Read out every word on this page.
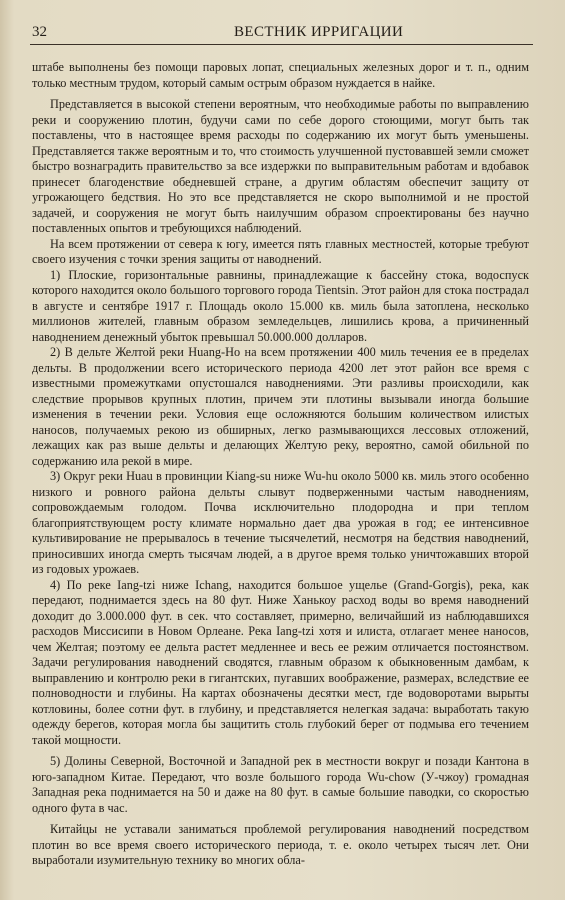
32	ВЕСТНИК ИРРИГАЦИИ

штабе выполнены без помощи паровых лопат, специальных железных дорог и т. п., одним только местным трудом, который самым острым образом нуждается в найке.

Представляется в высокой степени вероятным, что необходимые работы по выправлению реки и сооружению плотин, будучи сами по себе дорого стоющими, могут быть так поставлены, что в настоящее время расходы по содержанию их могут быть уменьшены. Представляется также вероятным и то, что стоимость улучшенной пустовавшей земли сможет быстро вознаградить правительство за все издержки по выправительным работам и вдобавок принесет благоденствие обедневшей стране, а другим областям обеспечит защиту от угрожающего бедствия. Но это все представляется не скоро выполнимой и не простой задачей, и сооружения не могут быть наилучшим образом спроектированы без научно поставленных опытов и требующихся наблюдений.

На всем протяжении от севера к югу, имеется пять главных местностей, которые требуют своего изучения с точки зрения защиты от наводнений.

1) Плоские, горизонтальные равнины, принадлежащие к бассейну стока, водоспуск которого находится около большого торгового города Tientsin. Этот район для стока пострадал в августе и сентябре 1917 г. Площадь около 15.000 кв. миль была затоплена, несколько миллионов жителей, главным образом земледельцев, лишились крова, а причиненный наводнением денежный убыток превышал 50.000.000 долларов.

2) В дельте Желтой реки Huang-Ho на всем протяжении 400 миль течения ее в пределах дельты. В продолжении всего исторического периода 4200 лет этот район все время с известными промежутками опустошался наводнениями. Эти разливы происходили, как следствие прорывов крупных плотин, причем эти плотины вызывали иногда большие изменения в течении реки. Условия еще осложняются большим количеством илистых наносов, получаемых рекою из обширных, легко размывающихся лессовых отложений, лежащих как раз выше дельты и делающих Желтую реку, вероятно, самой обильной по содержанию ила рекой в мире.

3) Округ реки Huau в провинции Kiang-su ниже Wu-hu около 5000 кв. миль этого особенно низкого и ровного района дельты слывут подверженными частым наводнениям, сопровождаемым голодом. Почва исключительно плодородна и при теплом благоприятствующем росту климате нормально дает два урожая в год; ее интенсивное культивирование не прерывалось в течение тысячелетий, несмотря на бедствия наводнений, приносивших иногда смерть тысячам людей, а в другое время только уничтожавших второй из годовых урожаев.

4) По реке Iang-tzi ниже Ichang, находится большое ущелье (Grand-Gorgis), река, как передают, поднимается здесь на 80 фут. Ниже Ханькоу расход воды во время наводнений доходит до 3.000.000 фут. в сек. что составляет, примерно, величайший из наблюдавшихся расходов Миссисипи в Новом Орлеане. Река Iang-tzi хотя и илиста, отлагает менее наносов, чем Желтая; поэтому ее дельта растет медленнее и весь ее режим отличается постоянством. Задачи регулирования наводнений сводятся, главным образом к обыкновенным дамбам, к выправлению и контролю реки в гигантских, пугавших воображение, размерах, вследствие ее полноводности и глубины. На картах обозначены десятки мест, где водоворотами вырыты котловины, более сотни фут. в глубину, и представляется нелегкая задача: выработать такую одежду берегов, которая могла бы защитить столь глубокий берег от подмыва его течением такой мощности.

5) Долины Северной, Восточной и Западной рек в местности вокруг и позади Кантона в юго-западном Китае. Передают, что возле большого города Wu-chow (У-чжоу) громадная Западная река поднимается на 50 и даже на 80 фут. в самые большие паводки, со скоростью одного фута в час.

Китайцы не уставали заниматься проблемой регулирования наводнений посредством плотин во все время своего исторического периода, т. е. около четырех тысяч лет. Они выработали изумительную технику во многих обла-
